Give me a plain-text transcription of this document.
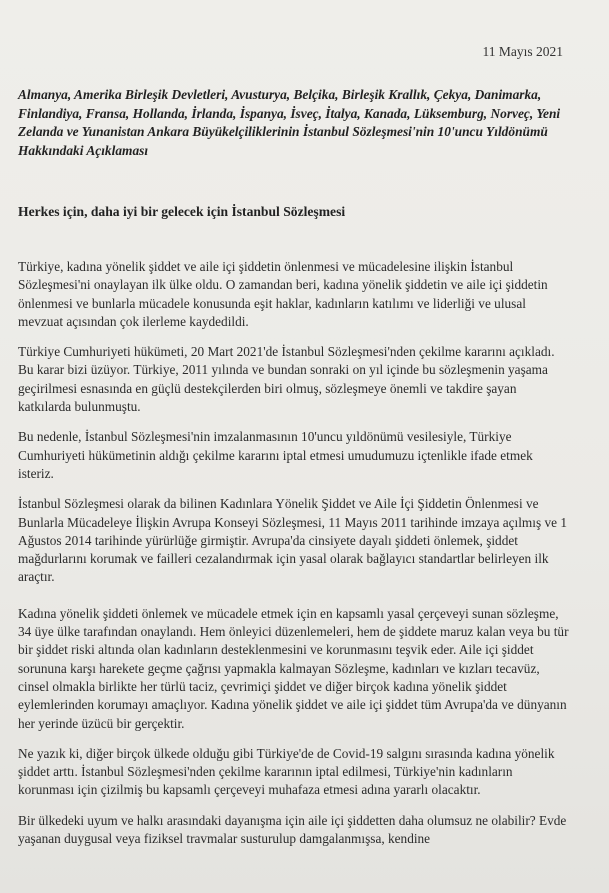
11 Mayıs 2021
Almanya, Amerika Birleşik Devletleri, Avusturya, Belçika, Birleşik Krallık, Çekya, Danimarka, Finlandiya, Fransa, Hollanda, İrlanda, İspanya, İsveç, İtalya, Kanada, Lüksemburg, Norveç, Yeni Zelanda ve Yunanistan Ankara Büyükelçiliklerinin İstanbul Sözleşmesi'nin 10'uncu Yıldönümü Hakkındaki Açıklaması
Herkes için, daha iyi bir gelecek için İstanbul Sözleşmesi

Türkiye, kadına yönelik şiddet ve aile içi şiddetin önlenmesi ve mücadelesine ilişkin İstanbul Sözleşmesi'ni onaylayan ilk ülke oldu. O zamandan beri, kadına yönelik şiddetin ve aile içi şiddetin önlenmesi ve bunlarla mücadele konusunda eşit haklar, kadınların katılımı ve liderliği ve ulusal mevzuat açısından çok ilerleme kaydedildi.

Türkiye Cumhuriyeti hükümeti, 20 Mart 2021'de İstanbul Sözleşmesi'nden çekilme kararını açıkladı. Bu karar bizi üzüyor. Türkiye, 2011 yılında ve bundan sonraki on yıl içinde bu sözleşmenin yaşama geçirilmesi esnasında en güçlü destekçilerden biri olmuş, sözleşmeye önemli ve takdire şayan katkılarda bulunmuştu.

Bu nedenle, İstanbul Sözleşmesi'nin imzalanmasının 10'uncu yıldönümü vesilesiyle, Türkiye Cumhuriyeti hükümetinin aldığı çekilme kararını iptal etmesi umudumuzu içtenlikle ifade etmek isteriz.

İstanbul Sözleşmesi olarak da bilinen Kadınlara Yönelik Şiddet ve Aile İçi Şiddetin Önlenmesi ve Bunlarla Mücadeleye İlişkin Avrupa Konseyi Sözleşmesi, 11 Mayıs 2011 tarihinde imzaya açılmış ve 1 Ağustos 2014 tarihinde yürürlüğe girmiştir. Avrupa'da cinsiyete dayalı şiddeti önlemek, şiddet mağdurlarını korumak ve failleri cezalandırmak için yasal olarak bağlayıcı standartlar belirleyen ilk araçtır.

Kadına yönelik şiddeti önlemek ve mücadele etmek için en kapsamlı yasal çerçeveyi sunan sözleşme, 34 üye ülke tarafından onaylandı. Hem önleyici düzenlemeleri, hem de şiddete maruz kalan veya bu tür bir şiddet riski altında olan kadınların desteklenmesini ve korunmasını teşvik eder. Aile içi şiddet sorununa karşı harekete geçme çağrısı yapmakla kalmayan Sözleşme, kadınları ve kızları tecavüz, cinsel olmakla birlikte her türlü taciz, çevrimiçi şiddet ve diğer birçok kadına yönelik şiddet eylemlerinden korumayı amaçlıyor. Kadına yönelik şiddet ve aile içi şiddet tüm Avrupa'da ve dünyanın her yerinde üzücü bir gerçektir.

Ne yazık ki, diğer birçok ülkede olduğu gibi Türkiye'de de Covid-19 salgını sırasında kadına yönelik şiddet arttı. İstanbul Sözleşmesi'nden çekilme kararının iptal edilmesi, Türkiye'nin kadınların korunması için çizilmiş bu kapsamlı çerçeveyi muhafaza etmesi adına yararlı olacaktır.

Bir ülkedeki uyum ve halkı arasındaki dayanışma için aile içi şiddetten daha olumsuz ne olabilir? Evde yaşanan duygusal veya fiziksel travmalar susturulup damgalanmışsa, kendine
